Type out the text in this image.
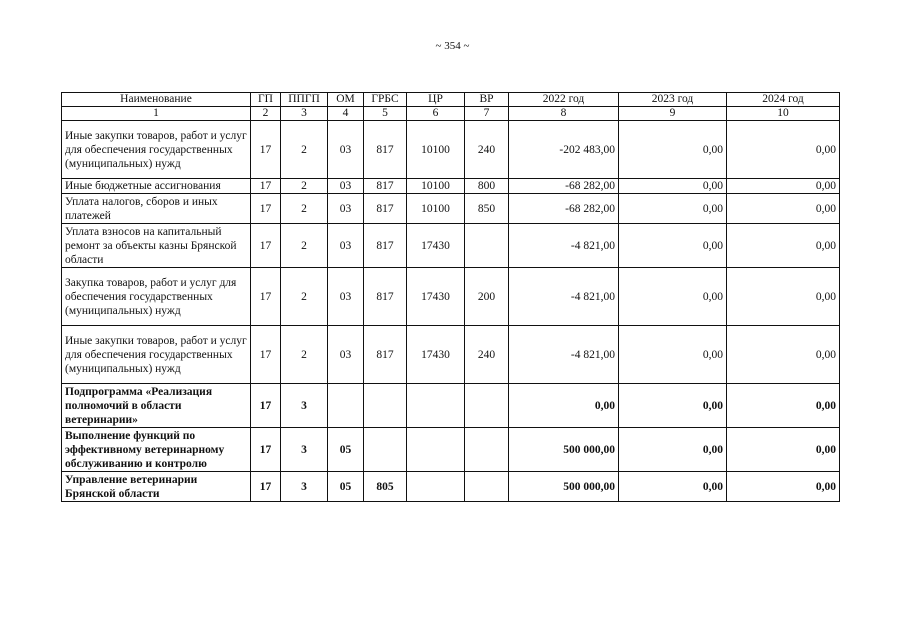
~ 354 ~
Наименование	ГП	ППГП	ОМ	ГРБС	ЦР	ВР	2022 год	2023 год	2024 год
1	2	3	4	5	6	7	8	9	10
Иные закупки товаров, работ и услуг для обеспечения государственных (муниципальных) нужд	17	2	03	817	10100	240	-202 483,00	0,00	0,00
Иные бюджетные ассигнования	17	2	03	817	10100	800	-68 282,00	0,00	0,00
Уплата налогов, сборов и иных платежей	17	2	03	817	10100	850	-68 282,00	0,00	0,00
Уплата взносов на капитальный ремонт за объекты казны Брянской области	17	2	03	817	17430		-4 821,00	0,00	0,00
Закупка товаров, работ и услуг для обеспечения государственных (муниципальных) нужд	17	2	03	817	17430	200	-4 821,00	0,00	0,00
Иные закупки товаров, работ и услуг для обеспечения государственных (муниципальных) нужд	17	2	03	817	17430	240	-4 821,00	0,00	0,00
Подпрограмма «Реализация полномочий в области ветеринарии»	17	3					0,00	0,00	0,00
Выполнение функций по эффективному ветеринарному обслуживанию и контролю	17	3	05				500 000,00	0,00	0,00
Управление ветеринарии Брянской области	17	3	05	805			500 000,00	0,00	0,00
